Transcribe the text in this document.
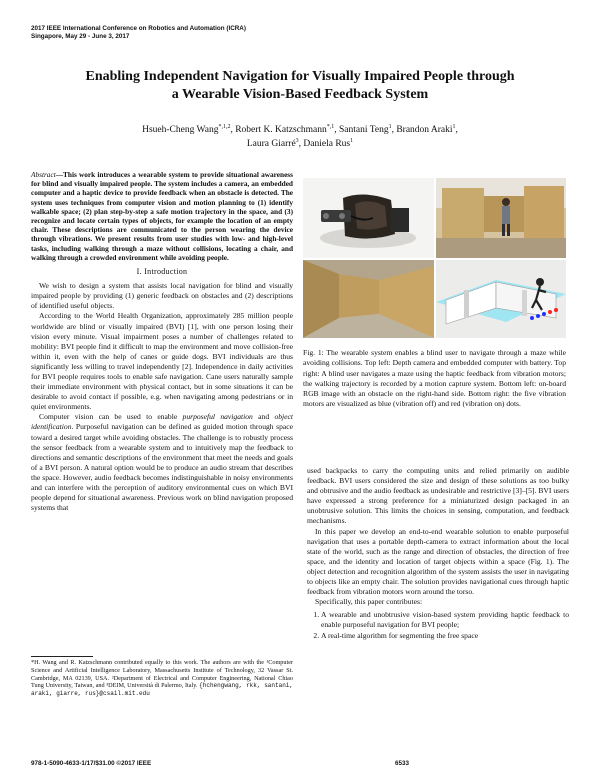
2017 IEEE International Conference on Robotics and Automation (ICRA)
Singapore, May 29 - June 3, 2017
Enabling Independent Navigation for Visually Impaired People through
a Wearable Vision-Based Feedback System
Hsueh-Cheng Wang$^{*,1,2}$, Robert K. Katzschmann$^{*,1}$, Santani Teng$^1$, Brandon Araki$^1$,
Laura Giarré$^3$, Daniela Rus$^1$

Abstract—This work introduces a wearable system to provide situational awareness for blind and visually impaired people. The system includes a camera, an embedded computer and a haptic device to provide feedback when an obstacle is detected. The system uses techniques from computer vision and motion planning to (1) identify walkable space; (2) plan step-by-step a safe motion trajectory in the space, and (3) recognize and locate certain types of objects, for example the location of an empty chair. These descriptions are communicated to the person wearing the device through vibrations. We present results from user studies with low- and high-level tasks, including walking through a maze without collisions, locating a chair, and walking through a crowded environment while avoiding people.

I. Introduction

We wish to design a system that assists local navigation for blind and visually impaired people by providing (1) generic feedback on obstacles and (2) descriptions of identified useful objects.

According to the World Health Organization, approximately 285 million people worldwide are blind or visually impaired (BVI) [1], with one person losing their vision every minute. Visual impairment poses a number of challenges related to mobility: BVI people find it difficult to map the environment and move collision-free within it, even with the help of canes or guide dogs. BVI individuals are thus significantly less willing to travel independently [2]. Independence in daily activities for BVI people requires tools to enable safe navigation. Cane users naturally sample their immediate environment with physical contact, but in some situations it can be desirable to avoid contact if possible, e.g. when navigating among pedestrians or in quiet environments.

Computer vision can be used to enable purposeful navigation and object identification. Purposeful navigation can be defined as guided motion through space toward a desired target while avoiding obstacles. The challenge is to robustly process the sensor feedback from a wearable system and to intuitively map the feedback to directions and semantic descriptions of the environment that meet the needs and goals of a BVI person. A natural option would be to produce an audio stream that describes the space. However, audio feedback becomes indistinguishable in noisy environments and can interfere with the perception of auditory environmental cues on which BVI people depend for situational awareness. Previous work on blind navigation proposed systems that

*H. Wang and R. Katzschmann contributed equally to this work. The authors are with the ¹Computer Science and Artificial Intelligence Laboratory, Massachusetts Institute of Technology, 32 Vassar St. Cambridge, MA 02139, USA. ²Department of Electrical and Computer Engineering, National Chiao Tung University, Taiwan, and ³DEIM, Università di Palermo, Italy. {hchengwang, rkk, santani, araki, giarre, rus}@csail.mit.edu
Fig. 1: The wearable system enables a blind user to navigate through a maze while avoiding collisions. Top left: Depth camera and embedded computer with battery. Top right: A blind user navigates a maze using the haptic feedback from vibration motors; the walking trajectory is recorded by a motion capture system. Bottom left: on-board RGB image with an obstacle on the right-hand side. Bottom right: the five vibration motors are visualized as blue (vibration off) and red (vibration on) dots.

used backpacks to carry the computing units and relied primarily on audible feedback. BVI users considered the size and design of these solutions as too bulky and obtrusive and the audio feedback as undesirable and restrictive [3]–[5]. BVI users have expressed a strong preference for a miniaturized design packaged in an unobtrusive solution. This limits the choices in sensing, computation, and feedback mechanisms.

In this paper we develop an end-to-end wearable solution to enable purposeful navigation that uses a portable depth-camera to extract information about the local state of the world, such as the range and direction of obstacles, the direction of free space, and the identity and location of target objects within a space (Fig. 1). The object detection and recognition algorithm of the system assists the user in navigating to objects like an empty chair. The solution provides navigational cues through haptic feedback from vibration motors worn around the torso.

Specifically, this paper contributes:

1. A wearable and unobtrusive vision-based system providing haptic feedback to enable purposeful navigation for BVI people;
2. A real-time algorithm for segmenting the free space
978-1-5090-4633-1/17/$31.00 ©2017 IEEE	6533
